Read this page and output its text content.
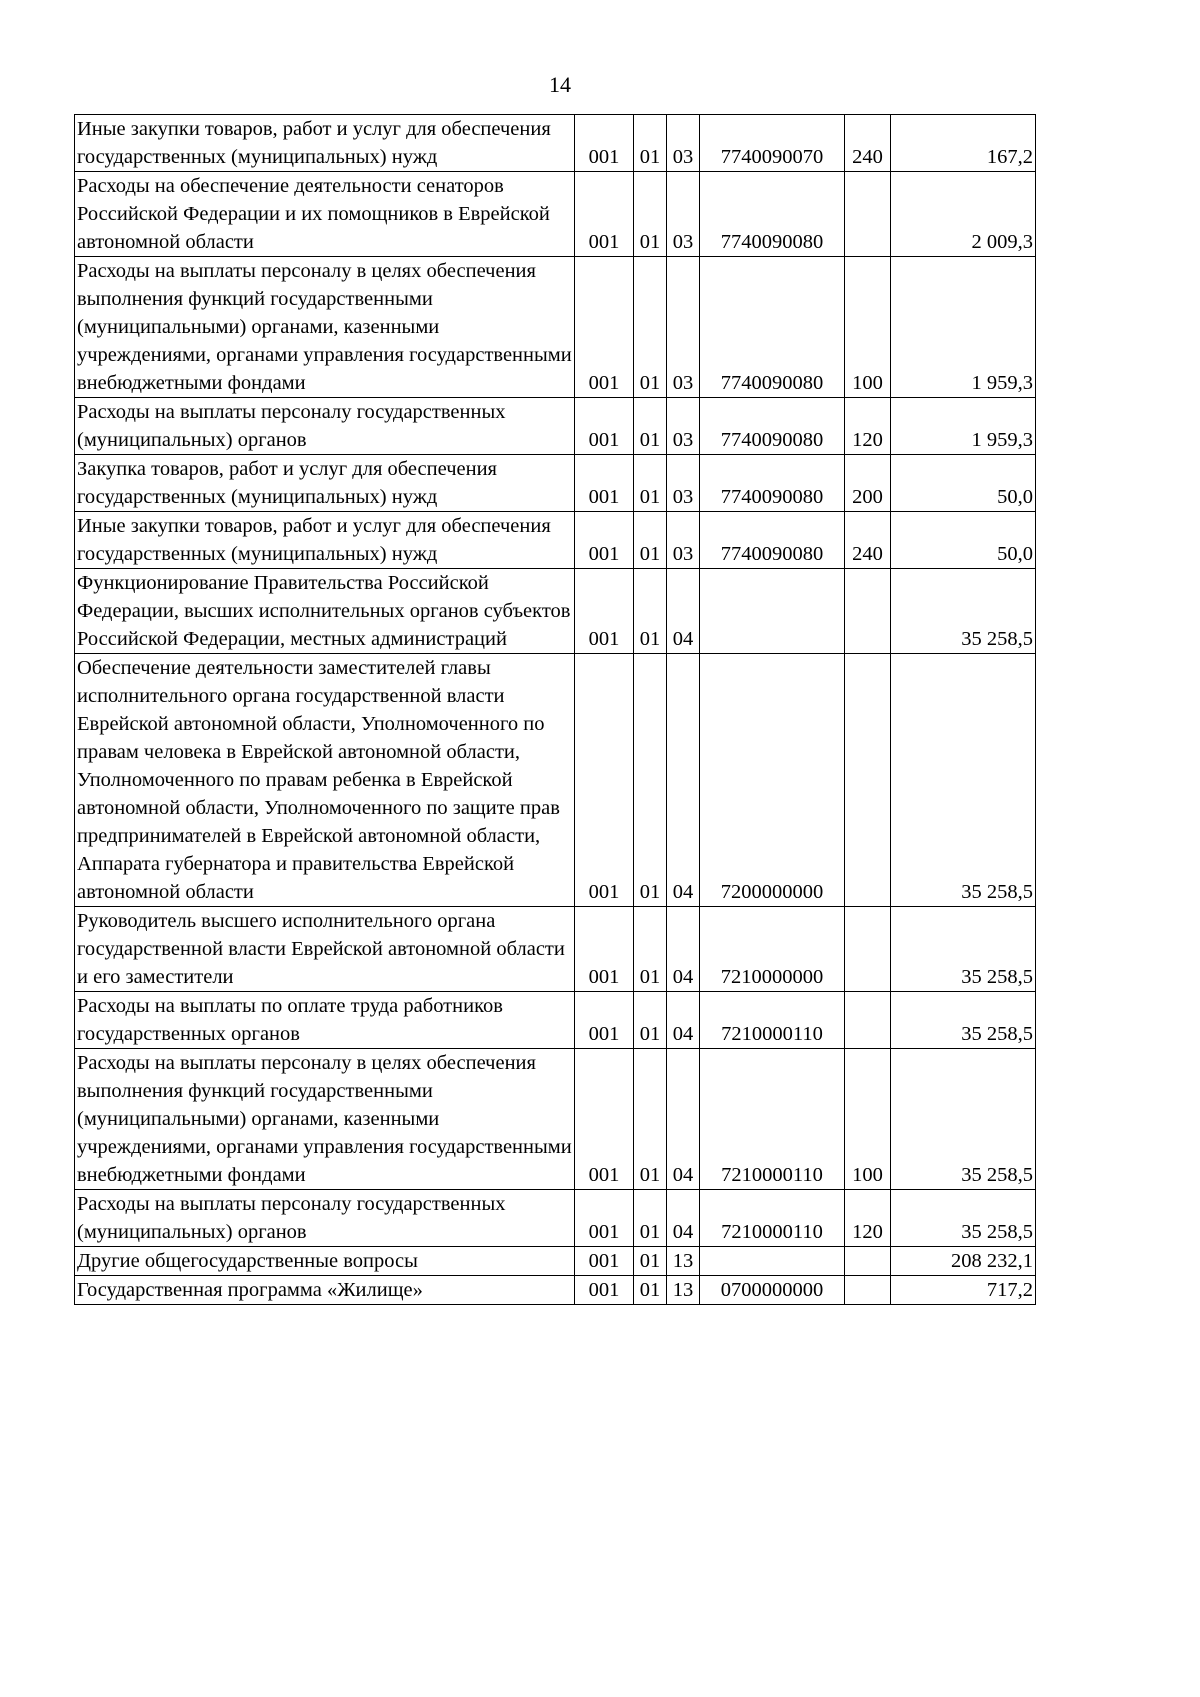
14
Иные закупки товаров, работ и услуг для обеспечения государственных (муниципальных) нужд	001	01	03	7740090070	240	167,2
Расходы на обеспечение деятельности сенаторов Российской Федерации и их помощников в Еврейской автономной области	001	01	03	7740090080		2 009,3
Расходы на выплаты персоналу в целях обеспечения выполнения функций государственными (муниципальными) органами, казенными учреждениями, органами управления государственными внебюджетными фондами	001	01	03	7740090080	100	1 959,3
Расходы на выплаты персоналу государственных (муниципальных) органов	001	01	03	7740090080	120	1 959,3
Закупка товаров, работ и услуг для обеспечения государственных (муниципальных) нужд	001	01	03	7740090080	200	50,0
Иные закупки товаров, работ и услуг для обеспечения государственных (муниципальных) нужд	001	01	03	7740090080	240	50,0
Функционирование Правительства Российской Федерации, высших исполнительных органов субъектов Российской Федерации, местных администраций	001	01	04			35 258,5
Обеспечение деятельности заместителей главы исполнительного органа государственной власти Еврейской автономной области, Уполномоченного по правам человека в Еврейской автономной области, Уполномоченного по правам ребенка в Еврейской автономной области, Уполномоченного по защите прав предпринимателей в Еврейской автономной области, Аппарата губернатора и правительства Еврейской автономной области	001	01	04	7200000000		35 258,5
Руководитель высшего исполнительного органа государственной власти Еврейской автономной области и его заместители	001	01	04	7210000000		35 258,5
Расходы на выплаты по оплате труда работников государственных органов	001	01	04	7210000110		35 258,5
Расходы на выплаты персоналу в целях обеспечения выполнения функций государственными (муниципальными) органами, казенными учреждениями, органами управления государственными внебюджетными фондами	001	01	04	7210000110	100	35 258,5
Расходы на выплаты персоналу государственных (муниципальных) органов	001	01	04	7210000110	120	35 258,5
Другие общегосударственные вопросы	001	01	13			208 232,1
Государственная программа «Жилище»	001	01	13	0700000000		717,2
